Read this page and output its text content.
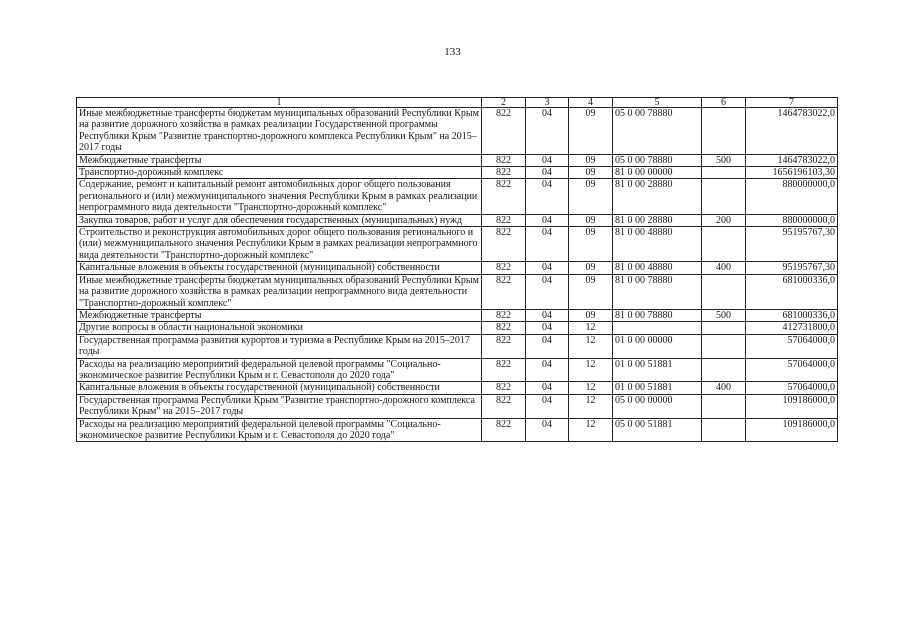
133
1	2	3	4	5	6	7
Иные межбюджетные трансферты бюджетам муниципальных образований Республики Крым на развитие дорожного хозяйства в рамках реализации Государственной программы Республики Крым "Развитие транспортно-дорожного комплекса Республики Крым" на 2015–2017 годы	822	04	09	05 0 00 78880		1464783022,0
Межбюджетные трансферты	822	04	09	05 0 00 78880	500	1464783022,0
Транспортно-дорожный комплекс	822	04	09	81 0 00 00000		1656196103,30
Содержание, ремонт и капитальный ремонт автомобильных дорог общего пользования регионального и (или) межмуниципального значения Республики Крым в рамках реализации непрограммного вида деятельности "Транспортно-дорожный комплекс"	822	04	09	81 0 00 28880		880000000,0
Закупка товаров, работ и услуг для обеспечения государственных (муниципальных) нужд	822	04	09	81 0 00 28880	200	880000000,0
Строительство и реконструкция автомобильных дорог общего пользования регионального и (или) межмуниципального значения Республики Крым в рамках реализации непрограммного вида деятельности "Транспортно-дорожный комплекс"	822	04	09	81 0 00 48880		95195767,30
Капитальные вложения в объекты государственной (муниципальной) собственности	822	04	09	81 0 00 48880	400	95195767,30
Иные межбюджетные трансферты бюджетам муниципальных образований Республики Крым на развитие дорожного хозяйства в рамках реализации непрограммного вида деятельности "Транспортно-дорожный комплекс"	822	04	09	81 0 00 78880		681000336,0
Межбюджетные трансферты	822	04	09	81 0 00 78880	500	681000336,0
Другие вопросы в области национальной экономики	822	04	12			412731800,0
Государственная программа развития курортов и туризма в Республике Крым на 2015–2017 годы	822	04	12	01 0 00 00000		57064000,0
Расходы на реализацию мероприятий федеральной целевой программы "Социально-экономическое развитие Республики Крым и г. Севастополя до 2020 года"	822	04	12	01 0 00 51881		57064000,0
Капитальные вложения в объекты государственной (муниципальной) собственности	822	04	12	01 0 00 51881	400	57064000,0
Государственная программа Республики Крым "Развитие транспортно-дорожного комплекса Республики Крым" на 2015–2017 годы	822	04	12	05 0 00 00000		109186000,0
Расходы на реализацию мероприятий федеральной целевой программы "Социально-экономическое развитие Республики Крым и г. Севастополя до 2020 года"	822	04	12	05 0 00 51881		109186000,0
